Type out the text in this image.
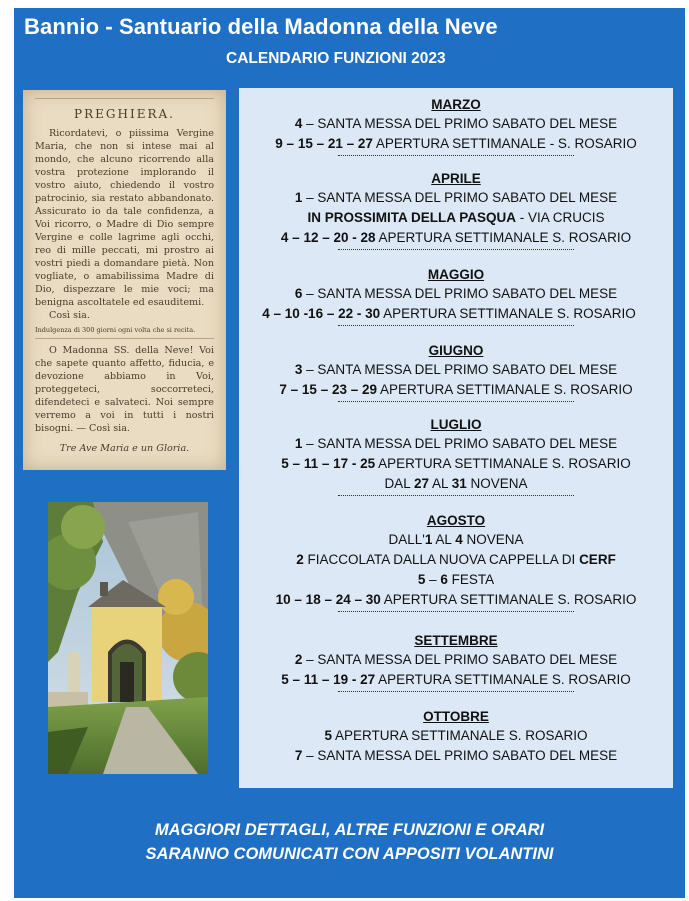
Bannio - Santuario della Madonna della Neve
CALENDARIO FUNZIONI 2023
PREGHIERA.
Ricordatevi, o piissima Vergine Maria, che non si intese mai al mondo, che alcuno ricorrendo alla vostra protezione implorando il vostro aiuto, chiedendo il vostro patrocinio, sia restato abbandonato. Assicurato io da tale confidenza, a Voi ricorro, o Madre di Dio sempre Vergine e colle lagrime agli occhi, reo di mille peccati, mi prostro ai vostri piedi a domandare pietà. Non vogliate, o amabilissima Madre di Dio, dispezzare le mie voci; ma benigna ascoltatele ed esauditemi.
Così sia.
Indulgenza di 300 giorni ogni volta che si recita.
O Madonna SS. della Neve! Voi che sapete quanto affetto, fiducia, e devozione abbiamo in Voi, proteggeteci, soccorreteci, difendeteci e salvateci. Noi sempre verremo a voi in tutti i nostri bisogni. — Così sia.
Tre Ave Maria e un Gloria.
MARZO
4 – SANTA MESSA DEL PRIMO SABATO DEL MESE
9 – 15 – 21 – 27 APERTURA SETTIMANALE - S. ROSARIO
APRILE
1 – SANTA MESSA DEL PRIMO SABATO DEL MESE
IN PROSSIMITA DELLA PASQUA - VIA CRUCIS
4 – 12 – 20 - 28 APERTURA SETTIMANALE S. ROSARIO
MAGGIO
6 – SANTA MESSA DEL PRIMO SABATO DEL MESE
4 – 10 -16 – 22 - 30 APERTURA SETTIMANALE S. ROSARIO
GIUGNO
3 – SANTA MESSA DEL PRIMO SABATO DEL MESE
7 – 15 – 23 – 29 APERTURA SETTIMANALE S. ROSARIO
LUGLIO
1 – SANTA MESSA DEL PRIMO SABATO DEL MESE
5 – 11 – 17 - 25 APERTURA SETTIMANALE S. ROSARIO
DAL 27 AL 31 NOVENA
AGOSTO
DALL'1 AL 4 NOVENA
2 FIACCOLATA DALLA NUOVA CAPPELLA DI CERF
5 – 6 FESTA
10 – 18 – 24 – 30 APERTURA SETTIMANALE S. ROSARIO
SETTEMBRE
2 – SANTA MESSA DEL PRIMO SABATO DEL MESE
5 – 11 – 19 - 27 APERTURA SETTIMANALE S. ROSARIO
OTTOBRE
5 APERTURA SETTIMANALE S. ROSARIO
7 – SANTA MESSA DEL PRIMO SABATO DEL MESE
MAGGIORI DETTAGLI, ALTRE FUNZIONI E ORARI
SARANNO COMUNICATI CON APPOSITI VOLANTINI
